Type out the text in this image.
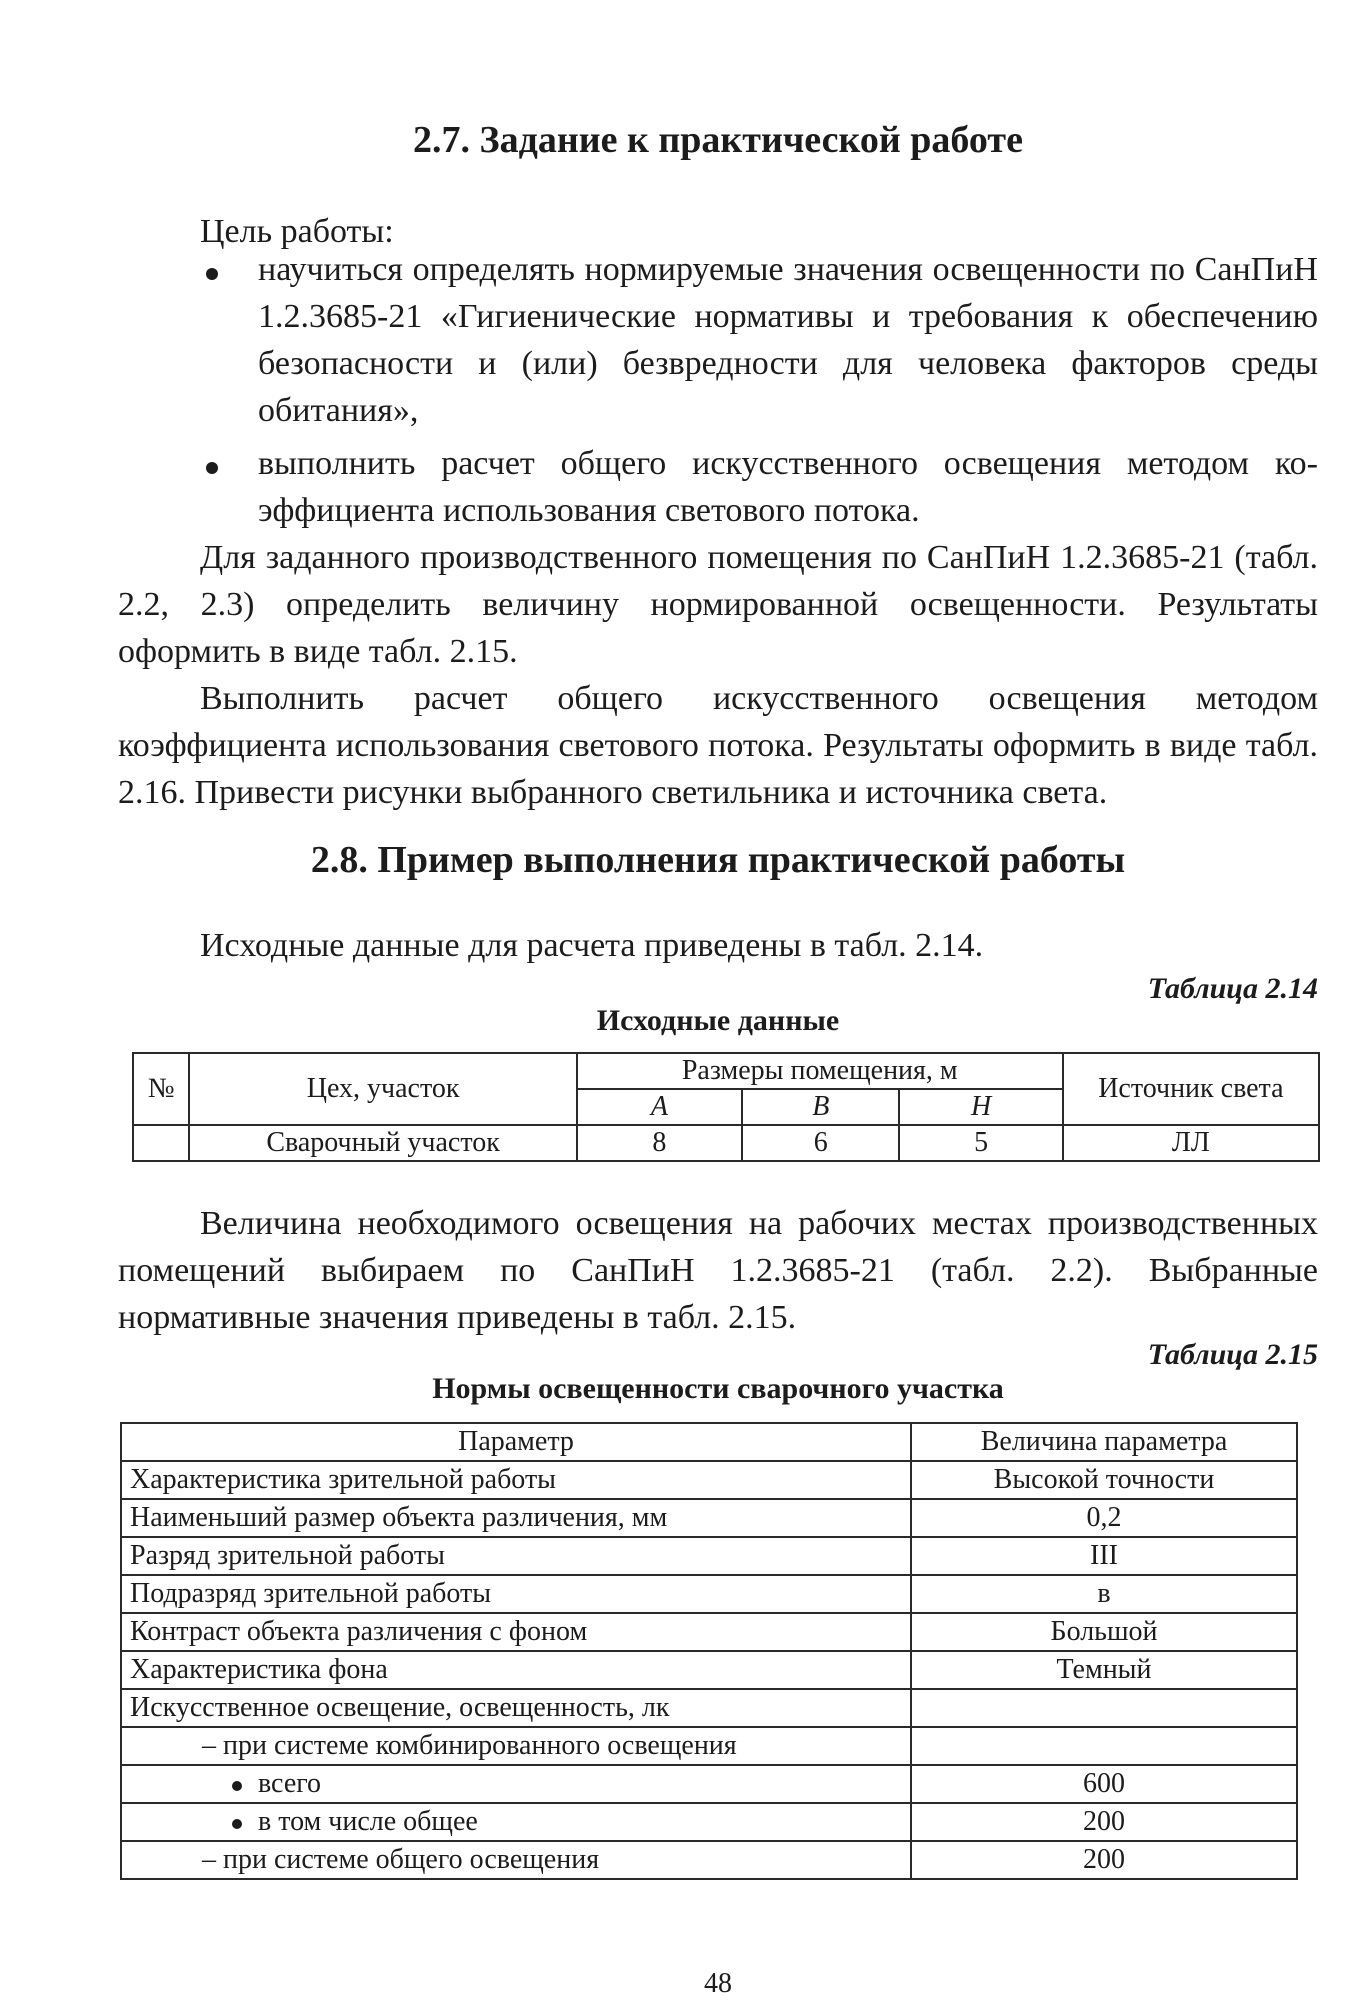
2.7. Задание к практической работе
Цель работы:
научиться определять нормируемые значения освещенности по СанПиН 1.2.3685-21 «Гигиенические нормативы и требования к обеспечению безопасности и (или) безвредности для человека факторов среды обитания»,
выполнить расчет общего искусственного освещения методом ко-эффициента использования светового потока.
Для заданного производственного помещения по СанПиН 1.2.3685-21 (табл. 2.2, 2.3) определить величину нормированной освещенности. Результаты оформить в виде табл. 2.15.
Выполнить расчет общего искусственного освещения методом коэффициента использования светового потока. Результаты оформить в виде табл. 2.16. Привести рисунки выбранного светильника и источника света.
2.8. Пример выполнения практической работы
Исходные данные для расчета приведены в табл. 2.14.
Таблица 2.14
Исходные данные
№	Цех, участок	Размеры помещения, м			Источник света
		A	B	H	
	Сварочный участок	8	6	5	ЛЛ
Величина необходимого освещения на рабочих местах производственных помещений выбираем по СанПиН 1.2.3685-21 (табл. 2.2). Выбранные нормативные значения приведены в табл. 2.15.
Таблица 2.15
Нормы освещенности сварочного участка
Параметр	Величина параметра
Характеристика зрительной работы	Высокой точности
Наименьший размер объекта различения, мм	0,2
Разряд зрительной работы	III
Подразряд зрительной работы	в
Контраст объекта различения с фоном	Большой
Характеристика фона	Темный
Искусственное освещение, освещенность, лк	
– при системе комбинированного освещения	
всего	600
в том числе общее	200
– при системе общего освещения	200
48
